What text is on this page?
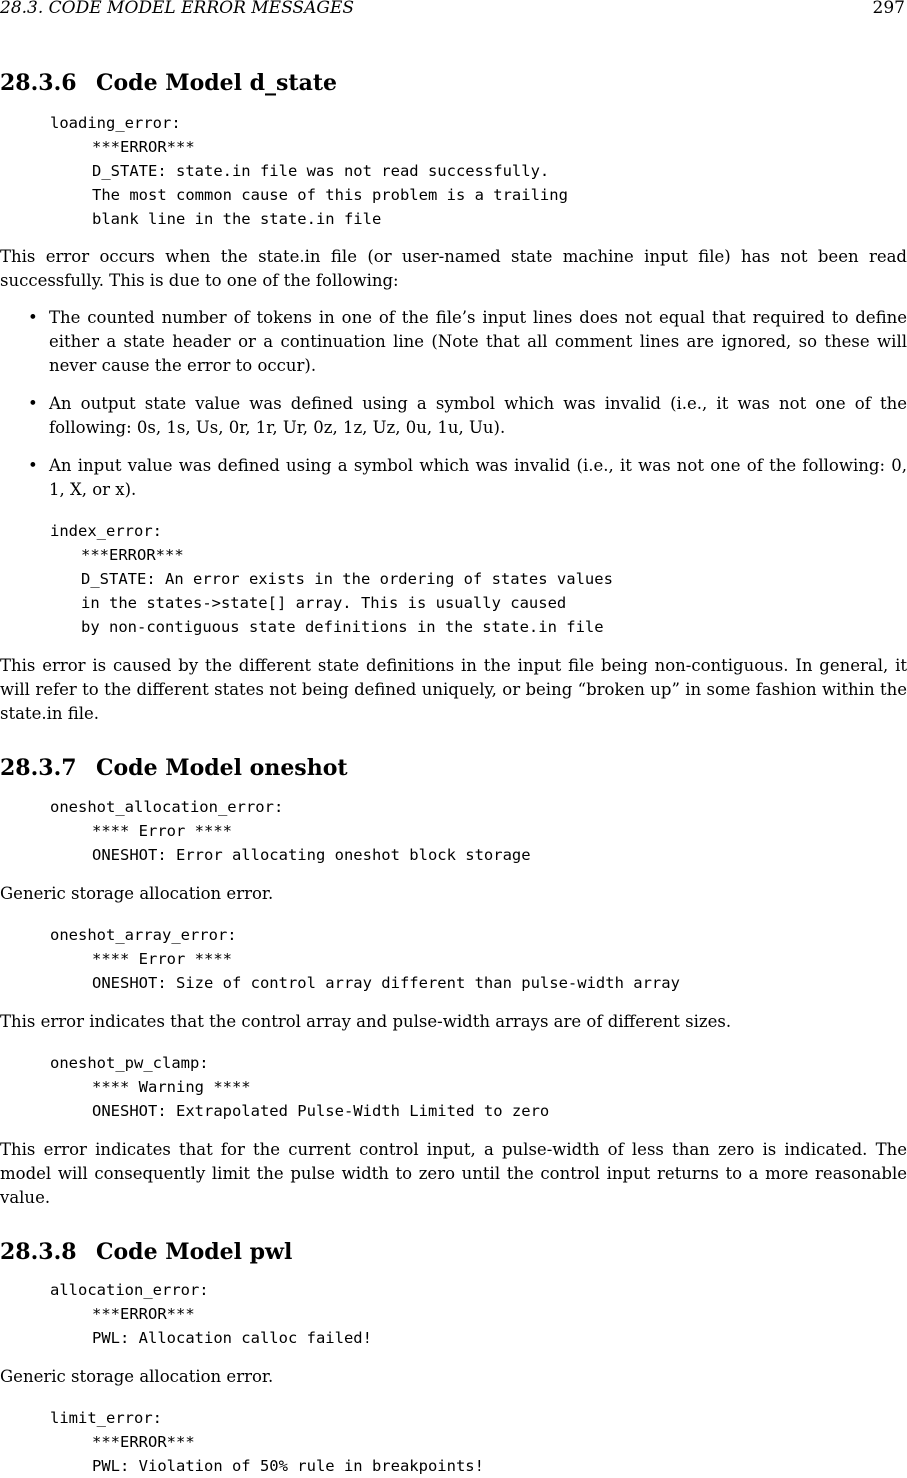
28.3. CODE MODEL ERROR MESSAGES	297
28.3.6 Code Model d_state
loading_error:
***ERROR***
D_STATE: state.in file was not read successfully.
The most common cause of this problem is a trailing
blank line in the state.in file

This error occurs when the state.in file (or user-named state machine input file) has not been read successfully. This is due to one of the following:

• The counted number of tokens in one of the file’s input lines does not equal that required to define either a state header or a continuation line (Note that all comment lines are ignored, so these will never cause the error to occur).
• An output state value was defined using a symbol which was invalid (i.e., it was not one of the following: 0s, 1s, Us, 0r, 1r, Ur, 0z, 1z, Uz, 0u, 1u, Uu).
• An input value was defined using a symbol which was invalid (i.e., it was not one of the following: 0, 1, X, or x).
index_error:
***ERROR***
D_STATE: An error exists in the ordering of states values
in the states->state[] array. This is usually caused
by non-contiguous state definitions in the state.in file

This error is caused by the different state definitions in the input file being non-contiguous. In general, it will refer to the different states not being defined uniquely, or being “broken up” in some fashion within the state.in file.

28.3.7 Code Model oneshot
oneshot_allocation_error:
**** Error ****
ONESHOT: Error allocating oneshot block storage

Generic storage allocation error.

oneshot_array_error:
**** Error ****
ONESHOT: Size of control array different than pulse-width array

This error indicates that the control array and pulse-width arrays are of different sizes.

oneshot_pw_clamp:
**** Warning ****
ONESHOT: Extrapolated Pulse-Width Limited to zero

This error indicates that for the current control input, a pulse-width of less than zero is indicated. The model will consequently limit the pulse width to zero until the control input returns to a more reasonable value.

28.3.8 Code Model pwl
allocation_error:
***ERROR***
PWL: Allocation calloc failed!

Generic storage allocation error.

limit_error:
***ERROR***
PWL: Violation of 50% rule in breakpoints!
